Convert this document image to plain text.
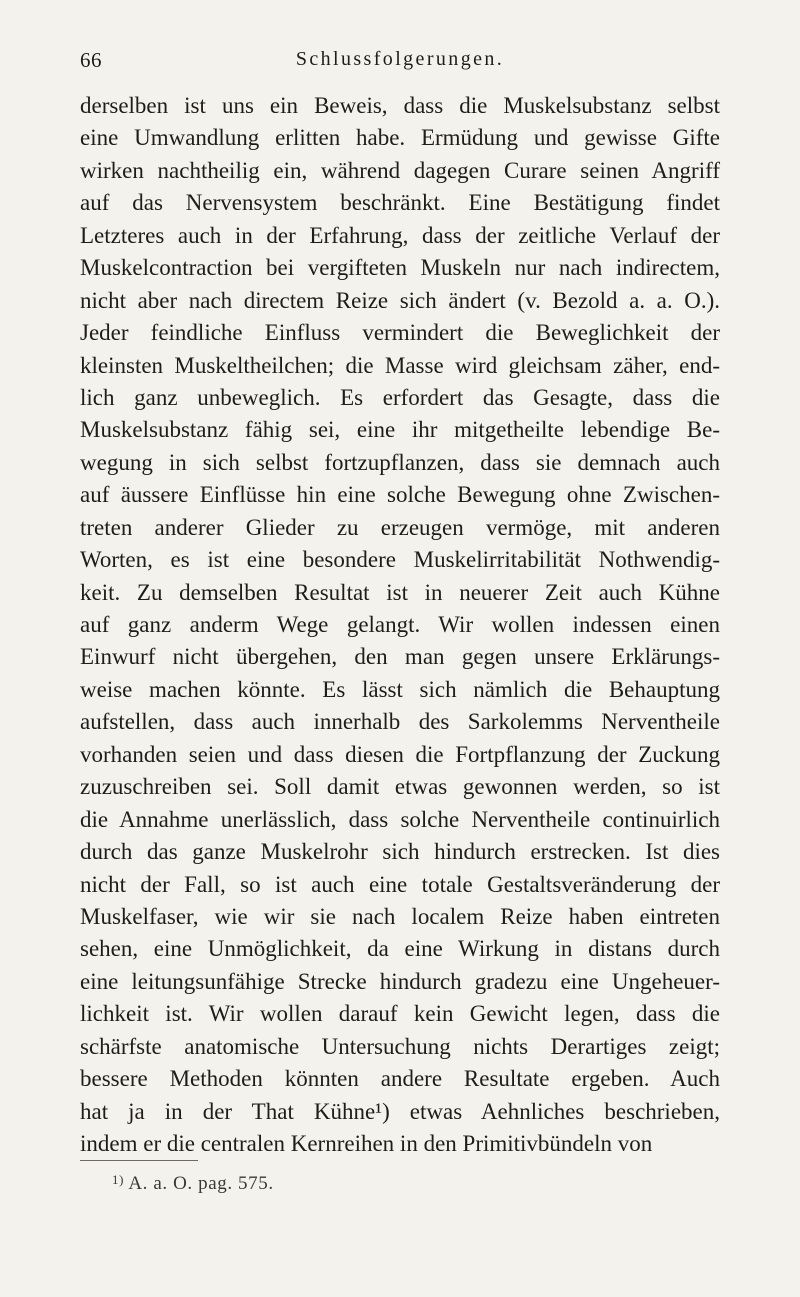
66	Schlussfolgerungen.
derselben ist uns ein Beweis, dass die Muskelsubstanz selbst
eine Umwandlung erlitten habe. Ermüdung und gewisse Gifte
wirken nachtheilig ein, während dagegen Curare seinen Angriff
auf das Nervensystem beschränkt. Eine Bestätigung findet
Letzteres auch in der Erfahrung, dass der zeitliche Verlauf der
Muskelcontraction bei vergifteten Muskeln nur nach indirectem,
nicht aber nach directem Reize sich ändert (v. Bezold a. a. O.).
Jeder feindliche Einfluss vermindert die Beweglichkeit der
kleinsten Muskeltheilchen; die Masse wird gleichsam zäher, end-
lich ganz unbeweglich. Es erfordert das Gesagte, dass die
Muskelsubstanz fähig sei, eine ihr mitgetheilte lebendige Be-
wegung in sich selbst fortzupflanzen, dass sie demnach auch
auf äussere Einflüsse hin eine solche Bewegung ohne Zwischen-
treten anderer Glieder zu erzeugen vermöge, mit anderen
Worten, es ist eine besondere Muskelirritabilität Nothwendig-
keit. Zu demselben Resultat ist in neuerer Zeit auch Kühne
auf ganz anderm Wege gelangt. Wir wollen indessen einen
Einwurf nicht übergehen, den man gegen unsere Erklärungs-
weise machen könnte. Es lässt sich nämlich die Behauptung
aufstellen, dass auch innerhalb des Sarkolemms Nerventheile
vorhanden seien und dass diesen die Fortpflanzung der Zuckung
zuzuschreiben sei. Soll damit etwas gewonnen werden, so ist
die Annahme unerlässlich, dass solche Nerventheile continuirlich
durch das ganze Muskelrohr sich hindurch erstrecken. Ist dies
nicht der Fall, so ist auch eine totale Gestaltsveränderung der
Muskelfaser, wie wir sie nach localem Reize haben eintreten
sehen, eine Unmöglichkeit, da eine Wirkung in distans durch
eine leitungsunfähige Strecke hindurch gradezu eine Ungeheuer-
lichkeit ist. Wir wollen darauf kein Gewicht legen, dass die
schärfste anatomische Untersuchung nichts Derartiges zeigt;
bessere Methoden könnten andere Resultate ergeben. Auch
hat ja in der That Kühne¹) etwas Aehnliches beschrieben,
indem er die centralen Kernreihen in den Primitivbündeln von
$^{1)}$ A. a. O. pag. 575.
